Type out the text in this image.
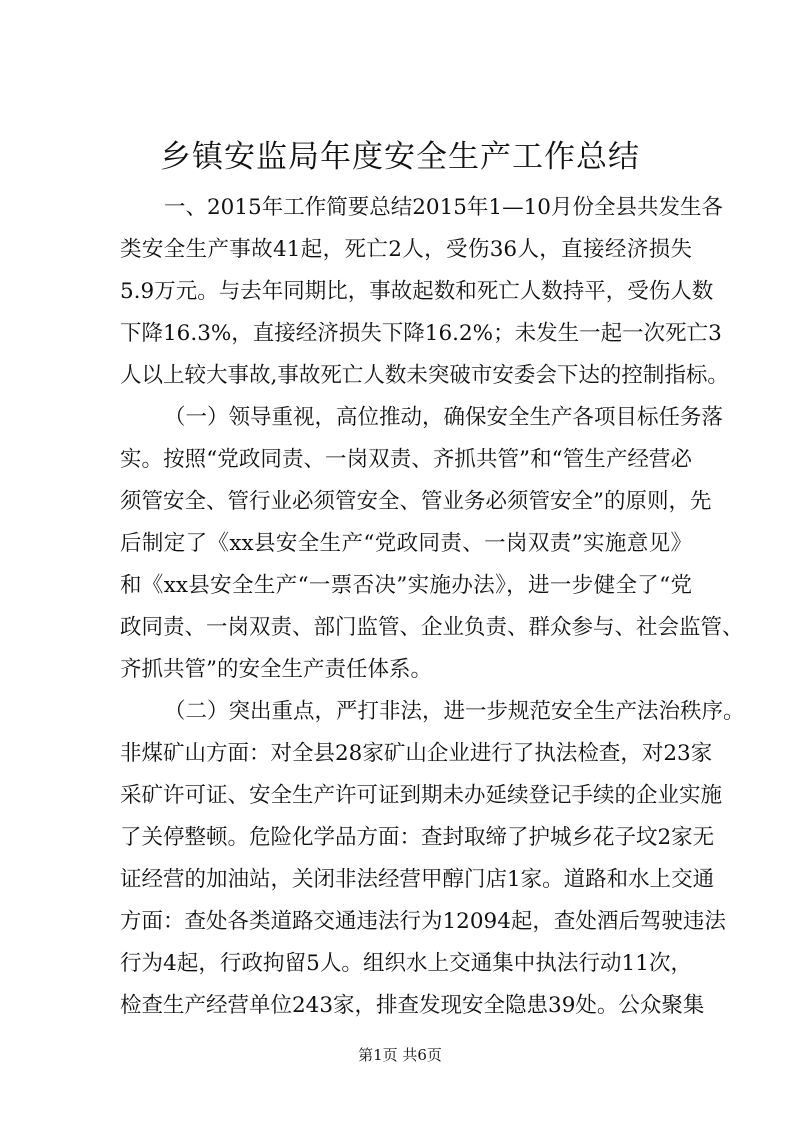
乡镇安监局年度安全生产工作总结

一、2015年工作简要总结2015年1—10月份全县共发生各

类安全生产事故41起，死亡2人，受伤36人，直接经济损失

5.9万元。与去年同期比，事故起数和死亡人数持平，受伤人数

下降16.3%，直接经济损失下降16.2%；未发生一起一次死亡3

人以上较大事故,事故死亡人数未突破市安委会下达的控制指标。

（一）领导重视，高位推动，确保安全生产各项目标任务落

实。按照“党政同责、一岗双责、齐抓共管”和“管生产经营必

须管安全、管行业必须管安全、管业务必须管安全”的原则，先

后制定了《xx县安全生产“党政同责、一岗双责”实施意见》

和《xx县安全生产“一票否决”实施办法》，进一步健全了“党

政同责、一岗双责、部门监管、企业负责、群众参与、社会监管、

齐抓共管”的安全生产责任体系。

（二）突出重点，严打非法，进一步规范安全生产法治秩序。

非煤矿山方面：对全县28家矿山企业进行了执法检查，对23家

采矿许可证、安全生产许可证到期未办延续登记手续的企业实施

了关停整顿。危险化学品方面：查封取缔了护城乡花子坟2家无

证经营的加油站，关闭非法经营甲醇门店1家。道路和水上交通

方面：查处各类道路交通违法行为12094起，查处酒后驾驶违法

行为4起，行政拘留5人。组织水上交通集中执法行动11次，

检查生产经营单位243家，排查发现安全隐患39处。公众聚集

第1页 共6页
